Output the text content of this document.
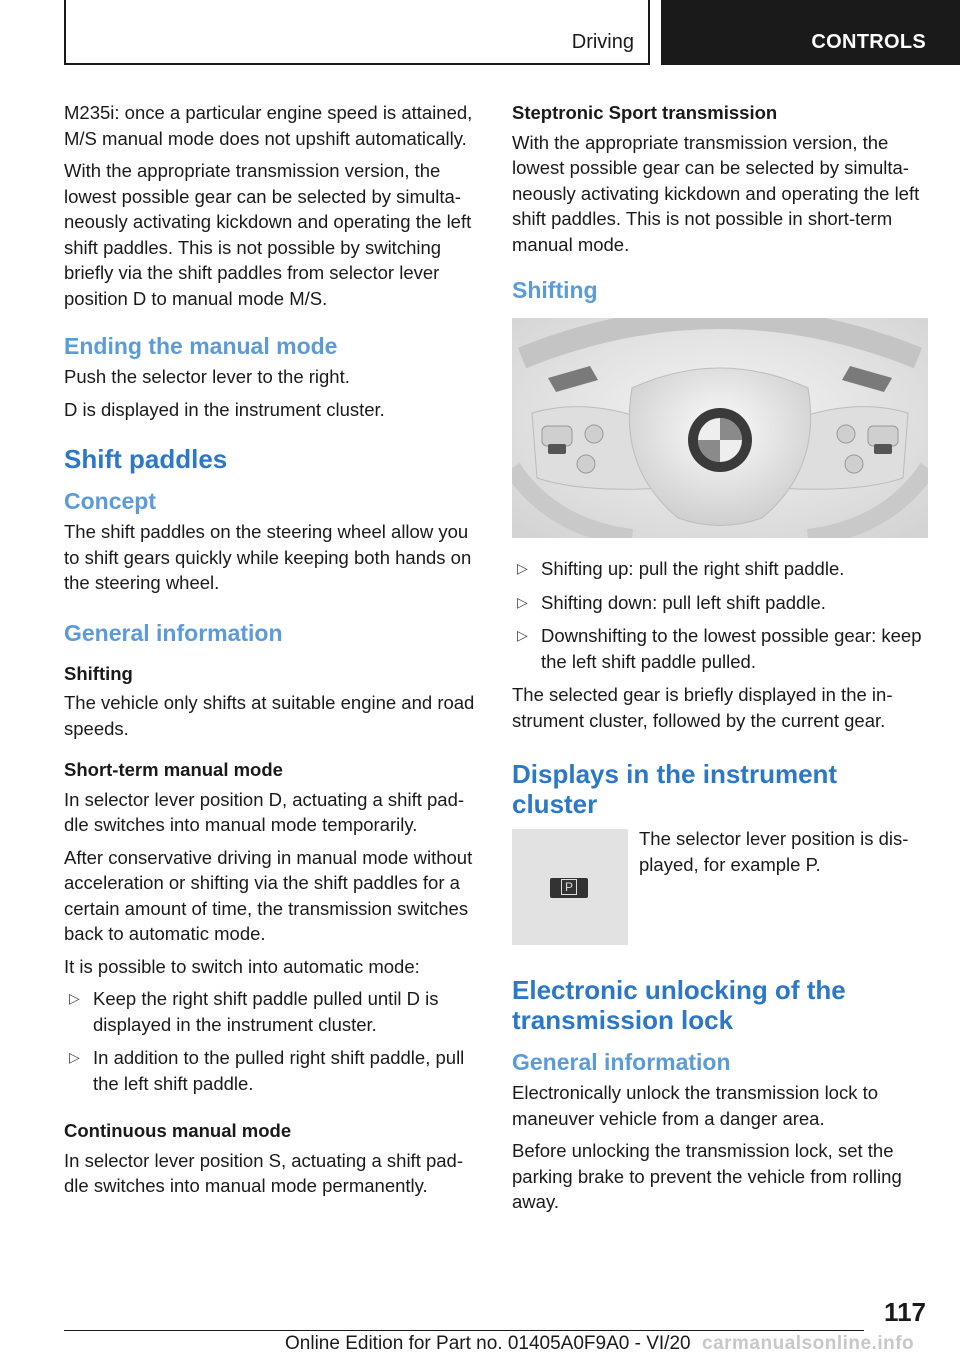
Driving	CONTROLS

M235i: once a particular engine speed is attained, M/S manual mode does not upshift automatically.

With the appropriate transmission version, the lowest possible gear can be selected by simultaneously activating kickdown and operating the left shift paddles. This is not possible by switching briefly via the shift paddles from selector lever position D to manual mode M/S.

Ending the manual mode

Push the selector lever to the right.

D is displayed in the instrument cluster.

Shift paddles
Concept

The shift paddles on the steering wheel allow you to shift gears quickly while keeping both hands on the steering wheel.

General information
Shifting

The vehicle only shifts at suitable engine and road speeds.

Short-term manual mode

In selector lever position D, actuating a shift paddle switches into manual mode temporarily.

After conservative driving in manual mode without acceleration or shifting via the shift paddles for a certain amount of time, the transmission switches back to automatic mode.

It is possible to switch into automatic mode:

▷ Keep the right shift paddle pulled until D is displayed in the instrument cluster.
▷ In addition to the pulled right shift paddle, pull the left shift paddle.
Continuous manual mode

In selector lever position S, actuating a shift paddle switches into manual mode permanently.

Steptronic Sport transmission

With the appropriate transmission version, the lowest possible gear can be selected by simultaneously activating kickdown and operating the left shift paddles. This is not possible in short-term manual mode.

Shifting
▷ Shifting up: pull the right shift paddle.
▷ Shifting down: pull left shift paddle.
▷ Downshifting to the lowest possible gear: keep the left shift paddle pulled.

The selected gear is briefly displayed in the instrument cluster, followed by the current gear.

Displays in the instrument cluster
P

The selector lever position is displayed, for example P.

Electronic unlocking of the transmission lock
General information

Electronically unlock the transmission lock to maneuver vehicle from a danger area.

Before unlocking the transmission lock, set the parking brake to prevent the vehicle from rolling away.

117
Online Edition for Part no. 01405A0F9A0 - VI/20 carmanualsonline.info
